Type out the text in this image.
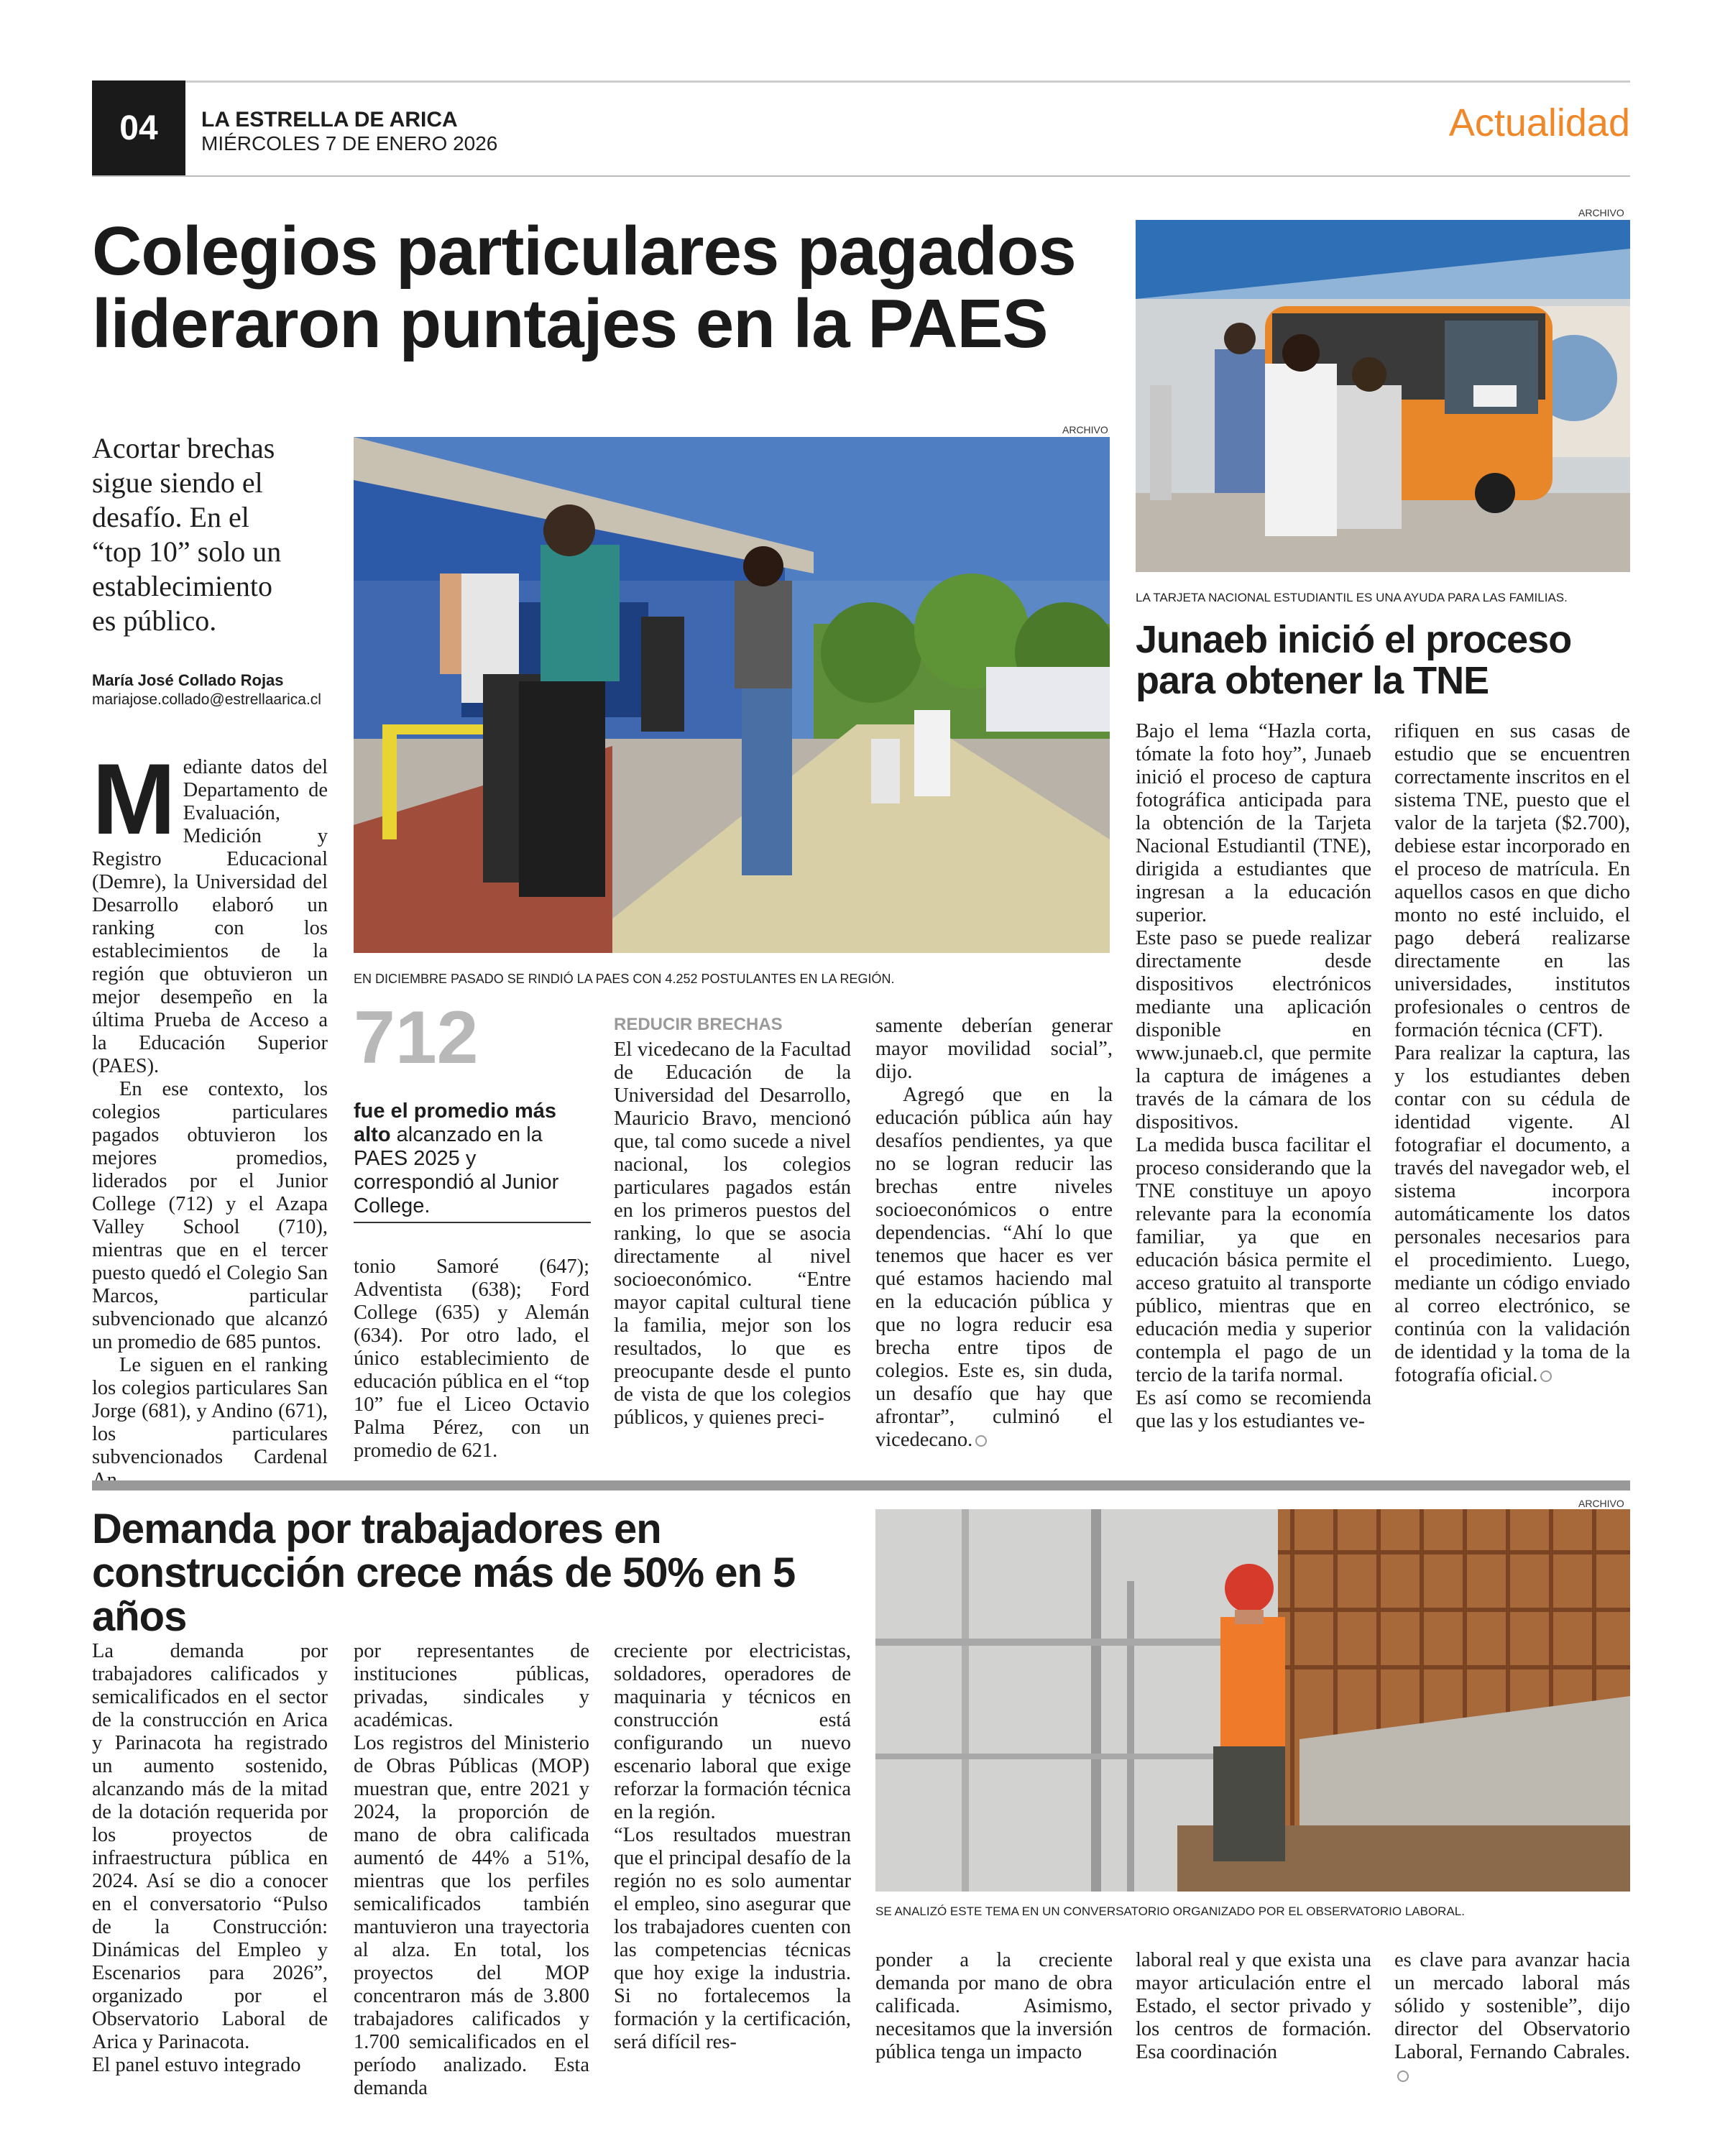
04	LA ESTRELLA DE ARICA
MIÉRCOLES 7 DE ENERO 2026	Actualidad
Colegios particulares pagados
lideraron puntajes en la PAES
Acortar brechas
sigue siendo el
desafío. En el
“top 10” solo un
establecimiento
es público.
María José Collado Rojas
mariajose.collado@estrellaarica.cl
ARCHIVO
EN DICIEMBRE PASADO SE RINDIÓ LA PAES CON 4.252 POSTULANTES EN LA REGIÓN.

Mediante datos del Departamento de Evaluación, Medición y Registro Educacional (Demre), la Universidad del Desarrollo elaboró un ranking con los establecimientos de la región que obtuvieron un mejor desempeño en la última Prueba de Acceso a la Educación Superior (PAES).

En ese contexto, los colegios particulares pagados obtuvieron los mejores promedios, liderados por el Junior College (712) y el Azapa Valley School (710), mientras que en el tercer puesto quedó el Colegio San Marcos, particular subvencionado que alcanzó un promedio de 685 puntos.

Le siguen en el ranking los colegios particulares San Jorge (681), y Andino (671), los particulares subvencionados Cardenal

712
fue el promedio más alto alcanzado en la PAES 2025 y correspondió al Junior College.

tonio Samoré (647); Adventista (638); Ford College (635) y Alemán (634). Por otro lado, el único establecimiento de educación pública en el “top 10” fue el Liceo Octavio Palma Pérez, con un promedio de 621.

REDUCIR BRECHAS

El vicedecano de la Facultad de Educación de la Universidad del Desarrollo, Mauricio Bravo, mencionó que, tal como sucede a nivel nacional, los colegios particulares pagados están en los primeros puestos del ranking, lo que se asocia directamente al nivel socioeconómico. “Entre mayor capital cultural tiene la familia, mejor son los resultados, lo que es preocupante desde el punto de vista de que los colegios públicos, y quienes preci-

samente deberían generar mayor movilidad social”, dijo.

Agregó que en la educación pública aún hay desafíos pendientes, ya que no se logran reducir las brechas entre niveles socioeconómicos o entre dependencias. “Ahí lo que tenemos que hacer es ver qué estamos haciendo mal en la educación pública y que no logra reducir esa brecha entre tipos de colegios. Este es, sin duda, un desafío que hay que afrontar”, culminó el vicedecano.

ARCHIVO
LA TARJETA NACIONAL ESTUDIANTIL ES UNA AYUDA PARA LAS FAMILIAS.
Junaeb inició el proceso
para obtener la TNE

Bajo el lema “Hazla corta, tómate la foto hoy”, Junaeb inició el proceso de captura fotográfica anticipada para la obtención de la Tarjeta Nacional Estudiantil (TNE), dirigida a estudiantes que ingresan a la educación superior.

Este paso se puede realizar directamente desde dispositivos electrónicos mediante una aplicación disponible en www.junaeb.cl, que permite la captura de imágenes a través de la cámara de los dispositivos.

La medida busca facilitar el proceso considerando que la TNE constituye un apoyo relevante para la economía familiar, ya que en educación básica permite el acceso gratuito al transporte público, mientras que en educación media y superior contempla el pago de un tercio de la tarifa normal.

Es así como se recomienda que las y los estudiantes ve-

rifiquen en sus casas de estudio que se encuentren correctamente inscritos en el sistema TNE, puesto que el valor de la tarjeta ($2.700), debiese estar incorporado en el proceso de matrícula. En aquellos casos en que dicho monto no esté incluido, el pago deberá realizarse directamente en las universidades, institutos profesionales o centros de formación técnica (CFT).

Para realizar la captura, las y los estudiantes deben contar con su cédula de identidad vigente. Al fotografiar el documento, a través del navegador web, el sistema incorpora automáticamente los datos personales necesarios para el procedimiento. Luego, mediante un código enviado al correo electrónico, se continúa con la validación de identidad y la toma de la fotografía oficial.

Demanda por trabajadores en
construcción crece más de 50% en 5 años
ARCHIVO
SE ANALIZÓ ESTE TEMA EN UN CONVERSATORIO ORGANIZADO POR EL OBSERVATORIO LABORAL.

La demanda por trabajadores calificados y semicalificados en el sector de la construcción en Arica y Parinacota ha registrado un aumento sostenido, alcanzando más de la mitad de la dotación requerida por los proyectos de infraestructura pública en 2024. Así se dio a conocer en el conversatorio “Pulso de la Construcción: Dinámicas del Empleo y Escenarios para 2026”, organizado por el Observatorio Laboral de Arica y Parinacota.

El panel estuvo integrado

por representantes de instituciones públicas, privadas, sindicales y académicas.

Los registros del Ministerio de Obras Públicas (MOP) muestran que, entre 2021 y 2024, la proporción de mano de obra calificada aumentó de 44% a 51%, mientras que los perfiles semicalificados también mantuvieron una trayectoria al alza. En total, los proyectos del MOP concentraron más de 3.800 trabajadores calificados y 1.700 semicalificados en el período analizado. Esta demanda

creciente por electricistas, soldadores, operadores de maquinaria y técnicos en construcción está configurando un nuevo escenario laboral que exige reforzar la formación técnica en la región.

“Los resultados muestran que el principal desafío de la región no es solo aumentar el empleo, sino asegurar que los trabajadores cuenten con las competencias técnicas que hoy exige la industria. Si no fortalecemos la formación y la certificación, será difícil res-

ponder a la creciente demanda por mano de obra calificada. Asimismo, necesitamos que la inversión pública tenga un impacto

laboral real y que exista una mayor articulación entre el Estado, el sector privado y los centros de formación. Esa coordinación

es clave para avanzar hacia un mercado laboral más sólido y sostenible”, dijo director del Observatorio Laboral, Fernando Cabrales.
